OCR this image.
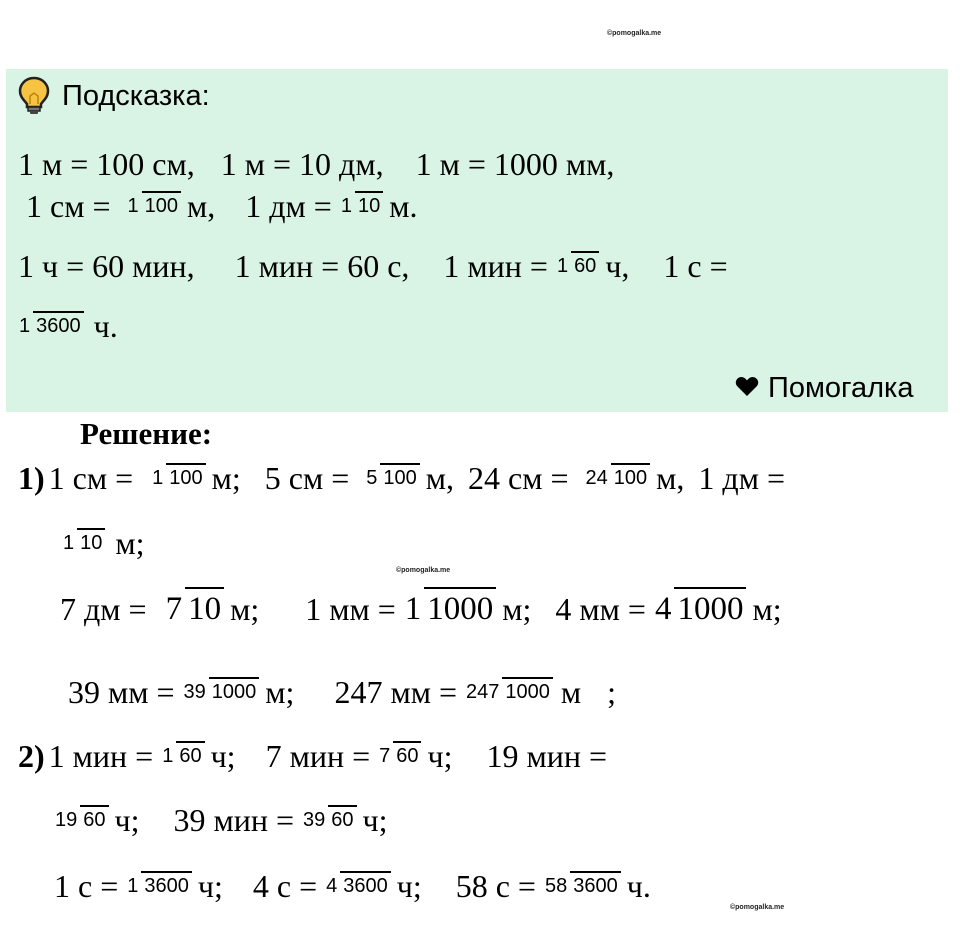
©pomogalka.me
©pomogalka.me
©pomogalka.me
Подсказка:
1 м = 100 см, 1 м = 10 дм, 1 м = 1000 мм,
1 см = 1 100 м, 1 дм = 1 10 м.
1 ч = 60 мин, 1 мин = 60 с, 1 мин = 1 60 ч, 1 с =
1 3600 ч.
Помогалка
Решение:
1) 1 см = 1 100 м; 5 см = 5 100 м, 24 см = 24 100 м, 1 дм =
1 10 м;
7 дм = 7 10 м; 1 мм = 1 1000 м; 4 мм = 4 1000 м;
39 мм = 39 1000 м; 247 мм = 247 1000 м ;
2) 1 мин = 1 60 ч; 7 мин = 7 60 ч; 19 мин =
19 60 ч; 39 мин = 39 60 ч;
1 с = 1 3600 ч; 4 с = 4 3600 ч; 58 с = 58 3600 ч.
